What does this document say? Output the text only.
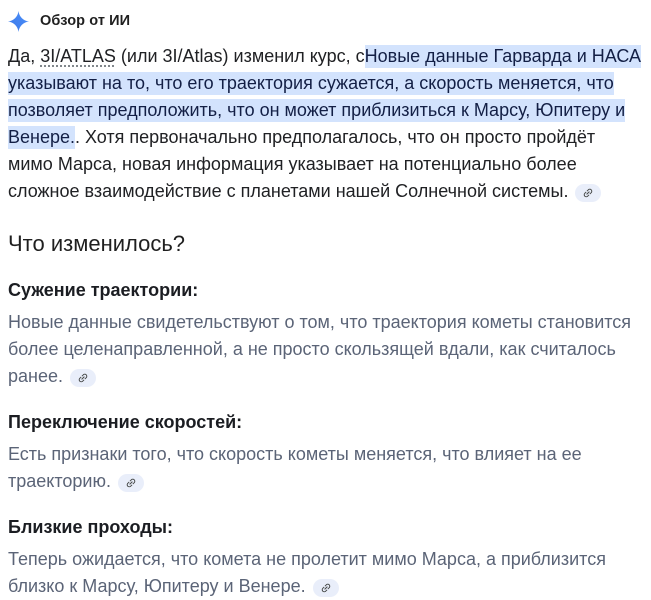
Обзор от ИИ

Да, 3I/ATLAS (или 3I/Atlas) изменил курс, сНовые данные Гарварда и НАСА указывают на то, что его траектория сужается, а скорость меняется, что позволяет предположить, что он может приблизиться к Марсу, Юпитеру и Венере.. Хотя первоначально предполагалось, что он просто пройдёт мимо Марса, новая информация указывает на потенциально более сложное взаимодействие с планетами нашей Солнечной системы.

Что изменилось?
Сужение траектории:

Новые данные свидетельствуют о том, что траектория кометы становится более целенаправленной, а не просто скользящей вдали, как считалось ранее.

Переключение скоростей:

Есть признаки того, что скорость кометы меняется, что влияет на ее траекторию.

Близкие проходы:

Теперь ожидается, что комета не пролетит мимо Марса, а приблизится близко к Марсу, Юпитеру и Венере.
